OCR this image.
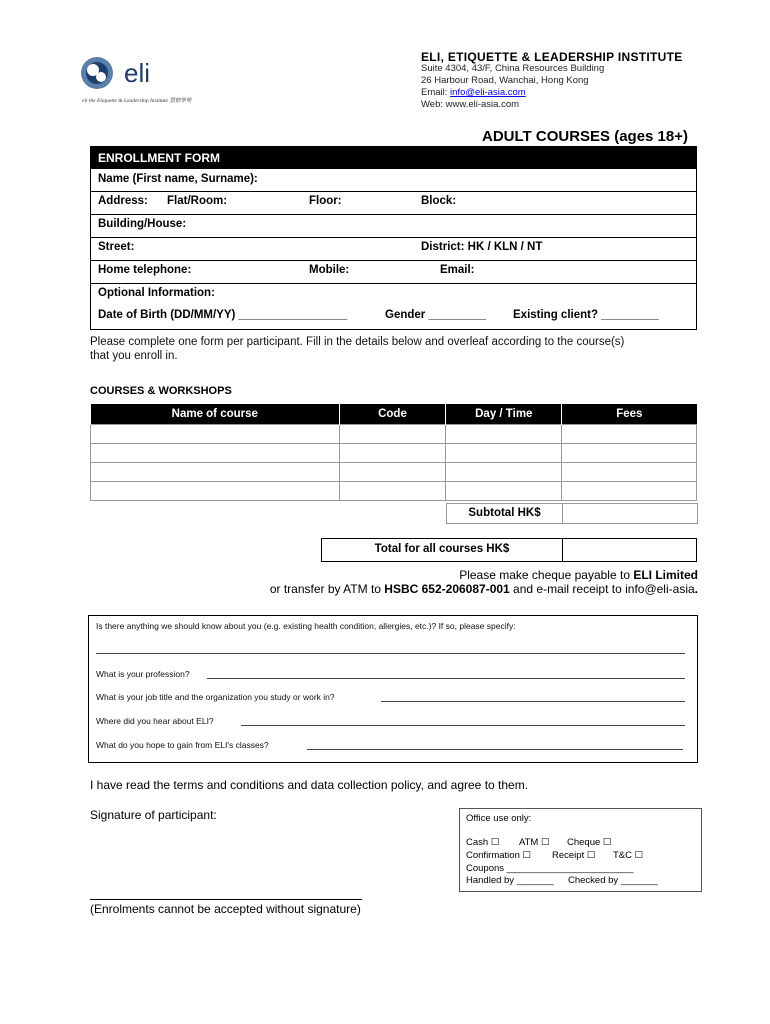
eli
eli the Etiquette & Leadership Institute 慧德學苑
ELI, ETIQUETTE & LEADERSHIP INSTITUTE
Suite 4304, 43/F, China Resources Building
26 Harbour Road, Wanchai, Hong Kong
Email: info@eli-asia.com
Web: www.eli-asia.com
ADULT COURSES (ages 18+)
ENROLLMENT FORM
Name (First name, Surname):
Address: Flat/Room:	Floor:	Block:
Building/House:
Street:	District: HK / KLN / NT
Home telephone:	Mobile:	Email:
Optional Information:
Date of Birth (DD/MM/YY) _________________	Gender _________ Existing client? _________
Please complete one form per participant. Fill in the details below and overleaf according to the course(s)
that you enroll in.
COURSES & WORKSHOPS
Name of course	Code	Day / Time	Fees

Subtotal HK$
Total for all courses HK$
Please make cheque payable to ELI Limited
or transfer by ATM to HSBC 652-206087-001 and e-mail receipt to info@eli-asia.
Is there anything we should know about you (e.g. existing health condition, allergies, etc.)? If so, please specify:
What is your profession?
What is your job title and the organization you study or work in?
Where did you hear about ELI?
What do you hope to gain from ELI's classes?
I have read the terms and conditions and data collection policy, and agree to them.
Signature of participant:
(Enrolments cannot be accepted without signature)
Office use only:
Cash ☐ ATM ☐ Cheque ☐
Confirmation ☐ Receipt ☐ T&C ☐
Coupons ________________________
Handled by _______ Checked by _______
